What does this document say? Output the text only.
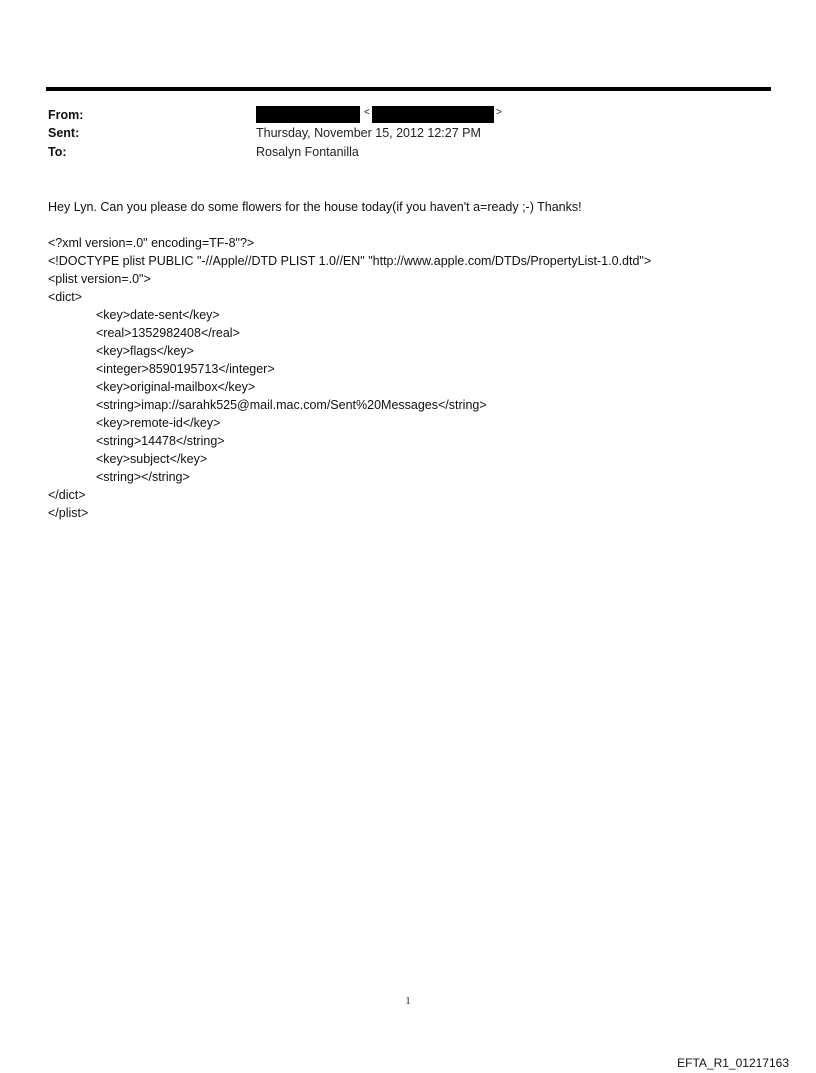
From:
Sent:
To:
<	>
Thursday, November 15, 2012 12:27 PM
Rosalyn Fontanilla
Hey Lyn. Can you please do some flowers for the house today(if you haven't a=ready ;-) Thanks!
<?xml version=.0" encoding=TF-8"?>
<!DOCTYPE plist PUBLIC "-//Apple//DTD PLIST 1.0//EN" "http://www.apple.com/DTDs/PropertyList-1.0.dtd">
<plist version=.0">
<dict>
<key>date-sent</key>
<real>1352982408</real>
<key>flags</key>
<integer>8590195713</integer>
<key>original-mailbox</key>
<string>imap://sarahk525@mail.mac.com/Sent%20Messages</string>
<key>remote-id</key>
<string>14478</string>
<key>subject</key>
<string></string>
</dict>
</plist>
1
EFTA_R1_01217163
